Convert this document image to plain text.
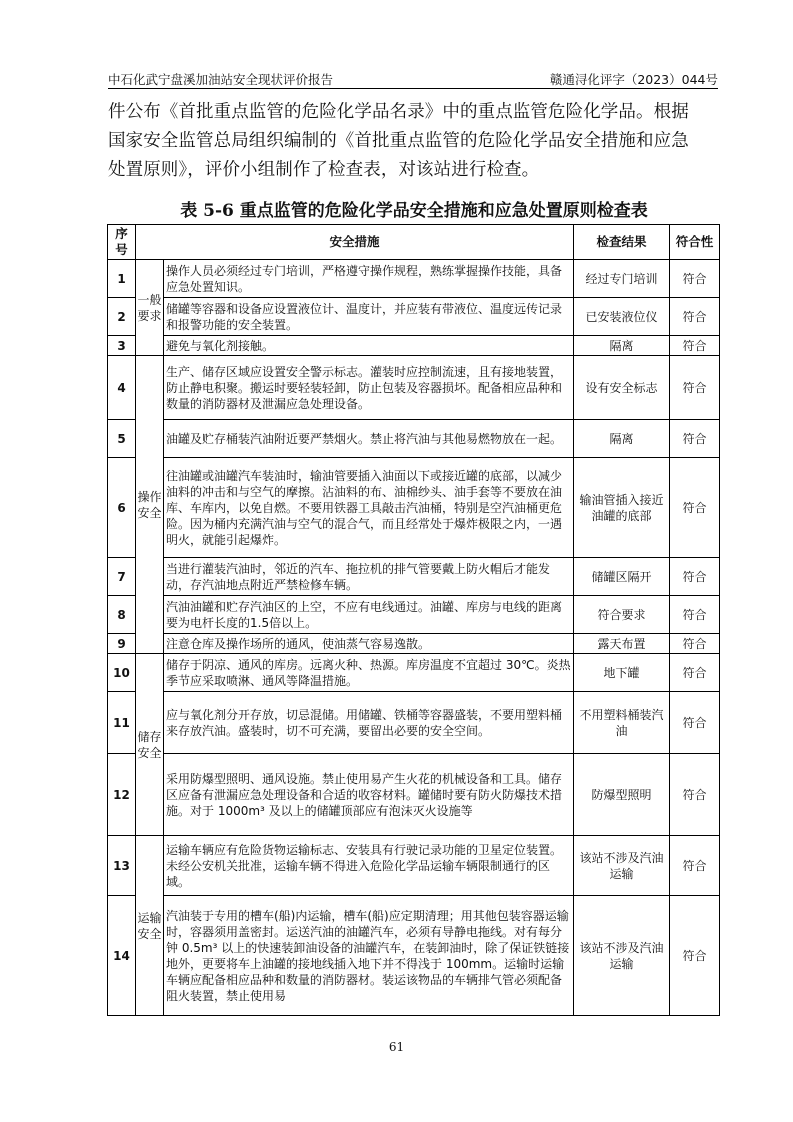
中石化武宁盘溪加油站安全现状评价报告	赣通浔化评字（2023）044号

件公布《首批重点监管的危险化学品名录》中的重点监管危险化学品。根据

国家安全监管总局组织编制的《首批重点监管的危险化学品安全措施和应急

处置原则》，评价小组制作了检查表，对该站进行检查。

表 5-6 重点监管的危险化学品安全措施和应急处置原则检查表
序号	安全措施		检查结果	符合性
1	一般要求	操作人员必须经过专门培训，严格遵守操作规程，熟练掌握操作技能，具备应急处置知识。	经过专门培训	符合
2		储罐等容器和设备应设置液位计、温度计，并应装有带液位、温度远传记录和报警功能的安全装置。	已安装液位仪	符合
3		避免与氧化剂接触。	隔离	符合
4	操作安全	生产、储存区域应设置安全警示标志。灌装时应控制流速，且有接地装置，防止静电积聚。搬运时要轻装轻卸，防止包装及容器损坏。配备相应品种和数量的消防器材及泄漏应急处理设备。	设有安全标志	符合
5		油罐及贮存桶装汽油附近要严禁烟火。禁止将汽油与其他易燃物放在一起。	隔离	符合
6		往油罐或油罐汽车装油时，输油管要插入油面以下或接近罐的底部，以减少油料的冲击和与空气的摩擦。沾油料的布、油棉纱头、油手套等不要放在油库、车库内，以免自燃。不要用铁器工具敲击汽油桶，特别是空汽油桶更危险。因为桶内充满汽油与空气的混合气，而且经常处于爆炸极限之内，一遇明火，就能引起爆炸。	输油管插入接近油罐的底部	符合
7		当进行灌装汽油时，邻近的汽车、拖拉机的排气管要戴上防火帽后才能发动，存汽油地点附近严禁检修车辆。	储罐区隔开	符合
8		汽油油罐和贮存汽油区的上空，不应有电线通过。油罐、库房与电线的距离要为电杆长度的1.5倍以上。	符合要求	符合
9		注意仓库及操作场所的通风，使油蒸气容易逸散。	露天布置	符合
10	储存安全	储存于阴凉、通风的库房。远离火种、热源。库房温度不宜超过 30℃。炎热季节应采取喷淋、通风等降温措施。	地下罐	符合
11		应与氧化剂分开存放，切忌混储。用储罐、铁桶等容器盛装，不要用塑料桶来存放汽油。盛装时，切不可充满，要留出必要的安全空间。	不用塑料桶装汽油	符合
12		采用防爆型照明、通风设施。禁止使用易产生火花的机械设备和工具。储存区应备有泄漏应急处理设备和合适的收容材料。罐储时要有防火防爆技术措施。对于 1000m³ 及以上的储罐顶部应有泡沫灭火设施等	防爆型照明	符合
13	运输安全	运输车辆应有危险货物运输标志、安装具有行驶记录功能的卫星定位装置。未经公安机关批准，运输车辆不得进入危险化学品运输车辆限制通行的区域。	该站不涉及汽油运输	符合
14		汽油装于专用的槽车(船)内运输，槽车(船)应定期清理；用其他包装容器运输时，容器须用盖密封。运送汽油的油罐汽车，必须有导静电拖线。对有每分钟 0.5m³ 以上的快速装卸油设备的油罐汽车，在装卸油时，除了保证铁链接地外，更要将车上油罐的接地线插入地下并不得浅于 100mm。运输时运输车辆应配备相应品种和数量的消防器材。装运该物品的车辆排气管必须配备阻火装置，禁止使用易	该站不涉及汽油运输	符合
61
